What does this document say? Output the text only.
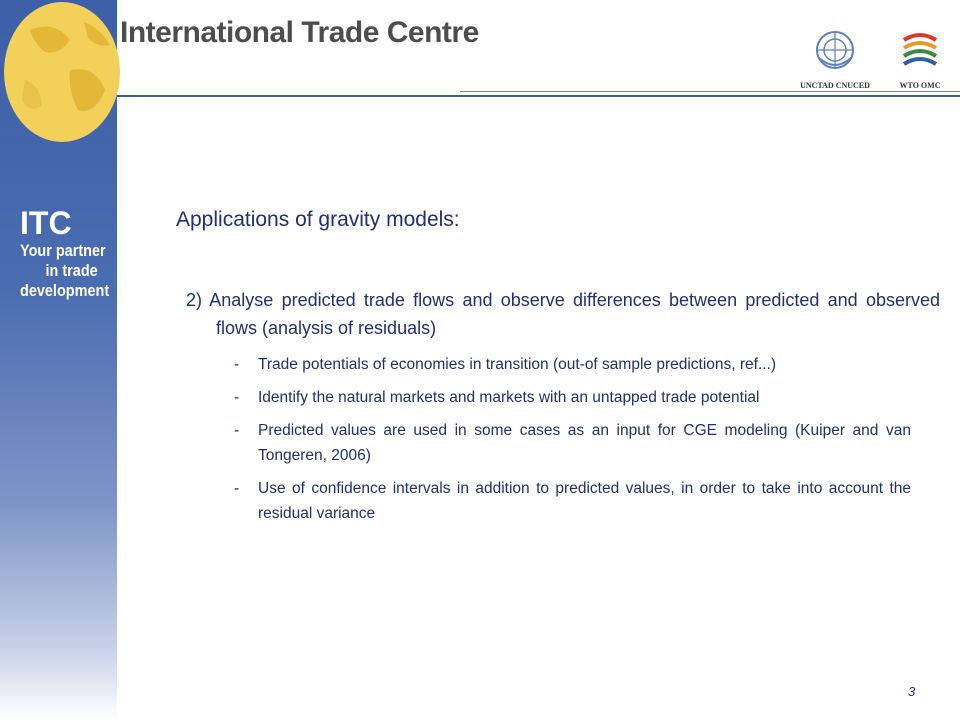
International Trade Centre
UNCTAD CNUCED	WTO OMC
ITC
Your partner
in trade
development
Applications of gravity models:
2) Analyse predicted trade flows and observe differences between predicted and observed flows (analysis of residuals)
- Trade potentials of economies in transition (out-of sample predictions, ref...)
- Identify the natural markets and markets with an untapped trade potential
- Predicted values are used in some cases as an input for CGE modeling (Kuiper and van Tongeren, 2006)
- Use of confidence intervals in addition to predicted values, in order to take into account the residual variance
3
